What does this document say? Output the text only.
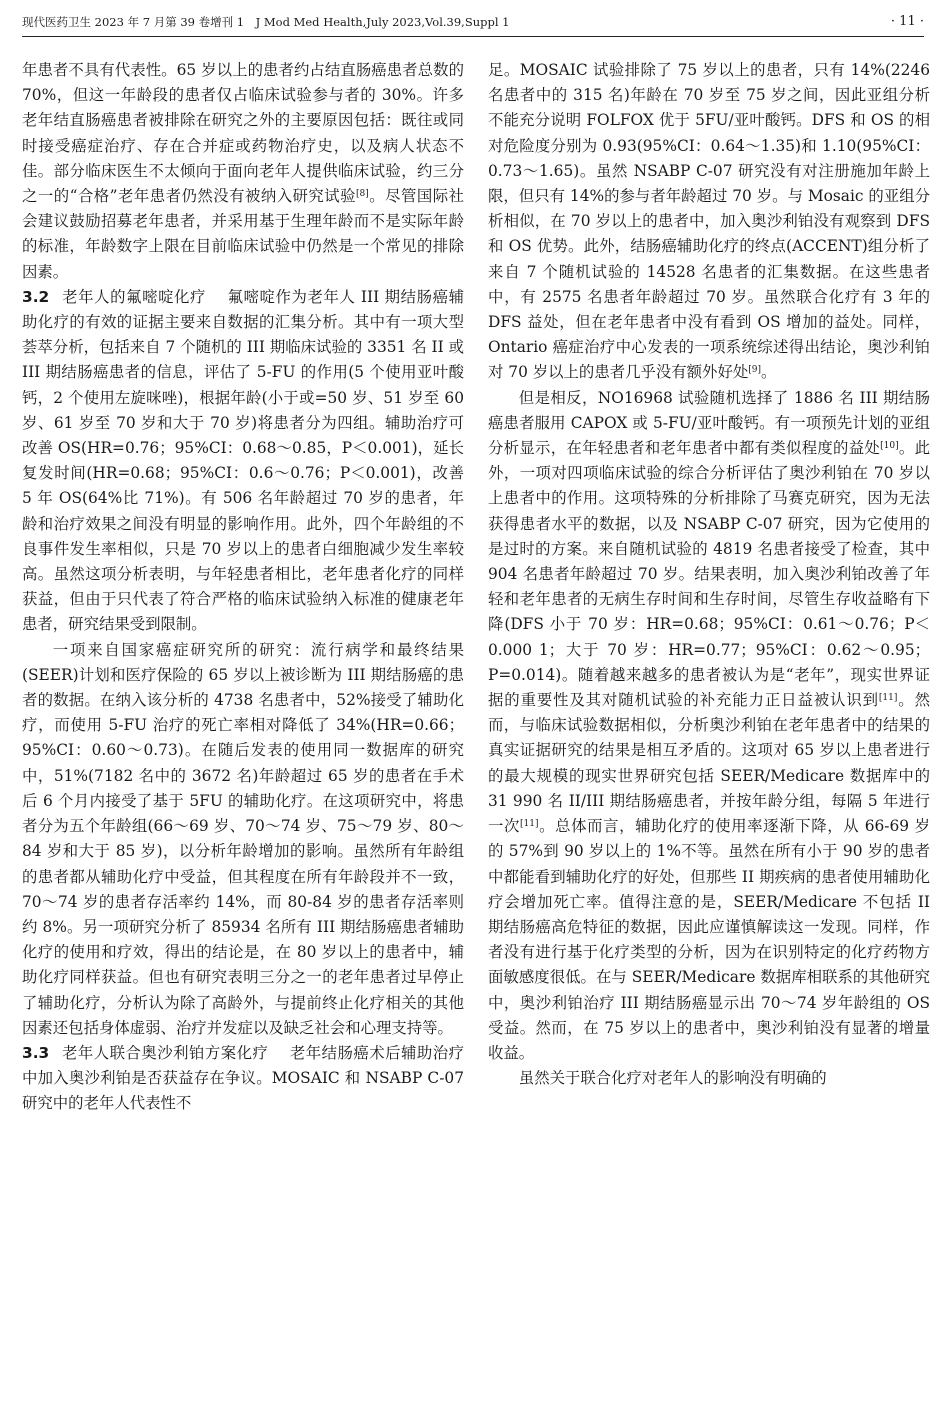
现代医药卫生 2023 年 7 月第 39 卷增刊 1　J Mod Med Health,July 2023,Vol.39,Suppl 1	· 11 ·

年患者不具有代表性。65 岁以上的患者约占结直肠癌患者总数的 70%，但这一年龄段的患者仅占临床试验参与者的 30%。许多老年结直肠癌患者被排除在研究之外的主要原因包括：既往或同时接受癌症治疗、存在合并症或药物治疗史，以及病人状态不佳。部分临床医生不太倾向于面向老年人提供临床试验，约三分之一的“合格”老年患者仍然没有被纳入研究试验[8]。尽管国际社会建议鼓励招募老年患者，并采用基于生理年龄而不是实际年龄的标准，年龄数字上限在目前临床试验中仍然是一个常见的排除因素。

3.2 老年人的氟嘧啶化疗 氟嘧啶作为老年人 III 期结肠癌辅助化疗的有效的证据主要来自数据的汇集分析。其中有一项大型荟萃分析，包括来自 7 个随机的 III 期临床试验的 3351 名 II 或 III 期结肠癌患者的信息，评估了 5-FU 的作用(5 个使用亚叶酸钙，2 个使用左旋咪唑)，根据年龄(小于或=50 岁、51 岁至 60 岁、61 岁至 70 岁和大于 70 岁)将患者分为四组。辅助治疗可改善 OS(HR=0.76；95%CI：0.68～0.85，P＜0.001)，延长复发时间(HR=0.68；95%CI：0.6～0.76；P＜0.001)，改善 5 年 OS(64%比 71%)。有 506 名年龄超过 70 岁的患者，年龄和治疗效果之间没有明显的影响作用。此外，四个年龄组的不良事件发生率相似，只是 70 岁以上的患者白细胞减少发生率较高。虽然这项分析表明，与年轻患者相比，老年患者化疗的同样获益，但由于只代表了符合严格的临床试验纳入标准的健康老年患者，研究结果受到限制。

一项来自国家癌症研究所的研究：流行病学和最终结果(SEER)计划和医疗保险的 65 岁以上被诊断为 III 期结肠癌的患者的数据。在纳入该分析的 4738 名患者中，52%接受了辅助化疗，而使用 5-FU 治疗的死亡率相对降低了 34%(HR=0.66；95%CI：0.60～0.73)。在随后发表的使用同一数据库的研究中，51%(7182 名中的 3672 名)年龄超过 65 岁的患者在手术后 6 个月内接受了基于 5FU 的辅助化疗。在这项研究中，将患者分为五个年龄组(66～69 岁、70～74 岁、75～79 岁、80～84 岁和大于 85 岁)，以分析年龄增加的影响。虽然所有年龄组的患者都从辅助化疗中受益，但其程度在所有年龄段并不一致，70～74 岁的患者存活率约 14%，而 80-84 岁的患者存活率则约 8%。另一项研究分析了 85934 名所有 III 期结肠癌患者辅助化疗的使用和疗效，得出的结论是，在 80 岁以上的患者中，辅助化疗同样获益。但也有研究表明三分之一的老年患者过早停止了辅助化疗，分析认为除了高龄外，与提前终止化疗相关的其他因素还包括身体虚弱、治疗并发症以及缺乏社会和心理支持等。

3.3 老年人联合奥沙利铂方案化疗 老年结肠癌术后辅助治疗中加入奥沙利铂是否获益存在争议。MOSAIC 和 NSABP C-07 研究中的老年人代表性不

足。MOSAIC 试验排除了 75 岁以上的患者，只有 14%(2246 名患者中的 315 名)年龄在 70 岁至 75 岁之间，因此亚组分析不能充分说明 FOLFOX 优于 5FU/亚叶酸钙。DFS 和 OS 的相对危险度分别为 0.93(95%CI：0.64～1.35)和 1.10(95%CI：0.73～1.65)。虽然 NSABP C-07 研究没有对注册施加年龄上限，但只有 14%的参与者年龄超过 70 岁。与 Mosaic 的亚组分析相似，在 70 岁以上的患者中，加入奥沙利铂没有观察到 DFS 和 OS 优势。此外，结肠癌辅助化疗的终点(ACCENT)组分析了来自 7 个随机试验的 14528 名患者的汇集数据。在这些患者中，有 2575 名患者年龄超过 70 岁。虽然联合化疗有 3 年的 DFS 益处，但在老年患者中没有看到 OS 增加的益处。同样，Ontario 癌症治疗中心发表的一项系统综述得出结论，奥沙利铂对 70 岁以上的患者几乎没有额外好处[9]。

但是相反，NO16968 试验随机选择了 1886 名 III 期结肠癌患者服用 CAPOX 或 5-FU/亚叶酸钙。有一项预先计划的亚组分析显示，在年轻患者和老年患者中都有类似程度的益处[10]。此外，一项对四项临床试验的综合分析评估了奥沙利铂在 70 岁以上患者中的作用。这项特殊的分析排除了马赛克研究，因为无法获得患者水平的数据，以及 NSABP C-07 研究，因为它使用的是过时的方案。来自随机试验的 4819 名患者接受了检查，其中 904 名患者年龄超过 70 岁。结果表明，加入奥沙利铂改善了年轻和老年患者的无病生存时间和生存时间，尽管生存收益略有下降(DFS 小于 70 岁：HR=0.68；95%CI：0.61～0.76；P＜0.000 1；大于 70 岁：HR=0.77；95%CI：0.62～0.95；P=0.014)。随着越来越多的患者被认为是“老年”，现实世界证据的重要性及其对随机试验的补充能力正日益被认识到[11]。然而，与临床试验数据相似，分析奥沙利铂在老年患者中的结果的真实证据研究的结果是相互矛盾的。这项对 65 岁以上患者进行的最大规模的现实世界研究包括 SEER/Medicare 数据库中的 31 990 名 II/III 期结肠癌患者，并按年龄分组，每隔 5 年进行一次[11]。总体而言，辅助化疗的使用率逐渐下降，从 66-69 岁的 57%到 90 岁以上的 1%不等。虽然在所有小于 90 岁的患者中都能看到辅助化疗的好处，但那些 II 期疾病的患者使用辅助化疗会增加死亡率。值得注意的是，SEER/Medicare 不包括 II 期结肠癌高危特征的数据，因此应谨慎解读这一发现。同样，作者没有进行基于化疗类型的分析，因为在识别特定的化疗药物方面敏感度很低。在与 SEER/Medicare 数据库相联系的其他研究中，奥沙利铂治疗 III 期结肠癌显示出 70～74 岁年龄组的 OS 受益。然而，在 75 岁以上的患者中，奥沙利铂没有显著的增量收益。

虽然关于联合化疗对老年人的影响没有明确的
